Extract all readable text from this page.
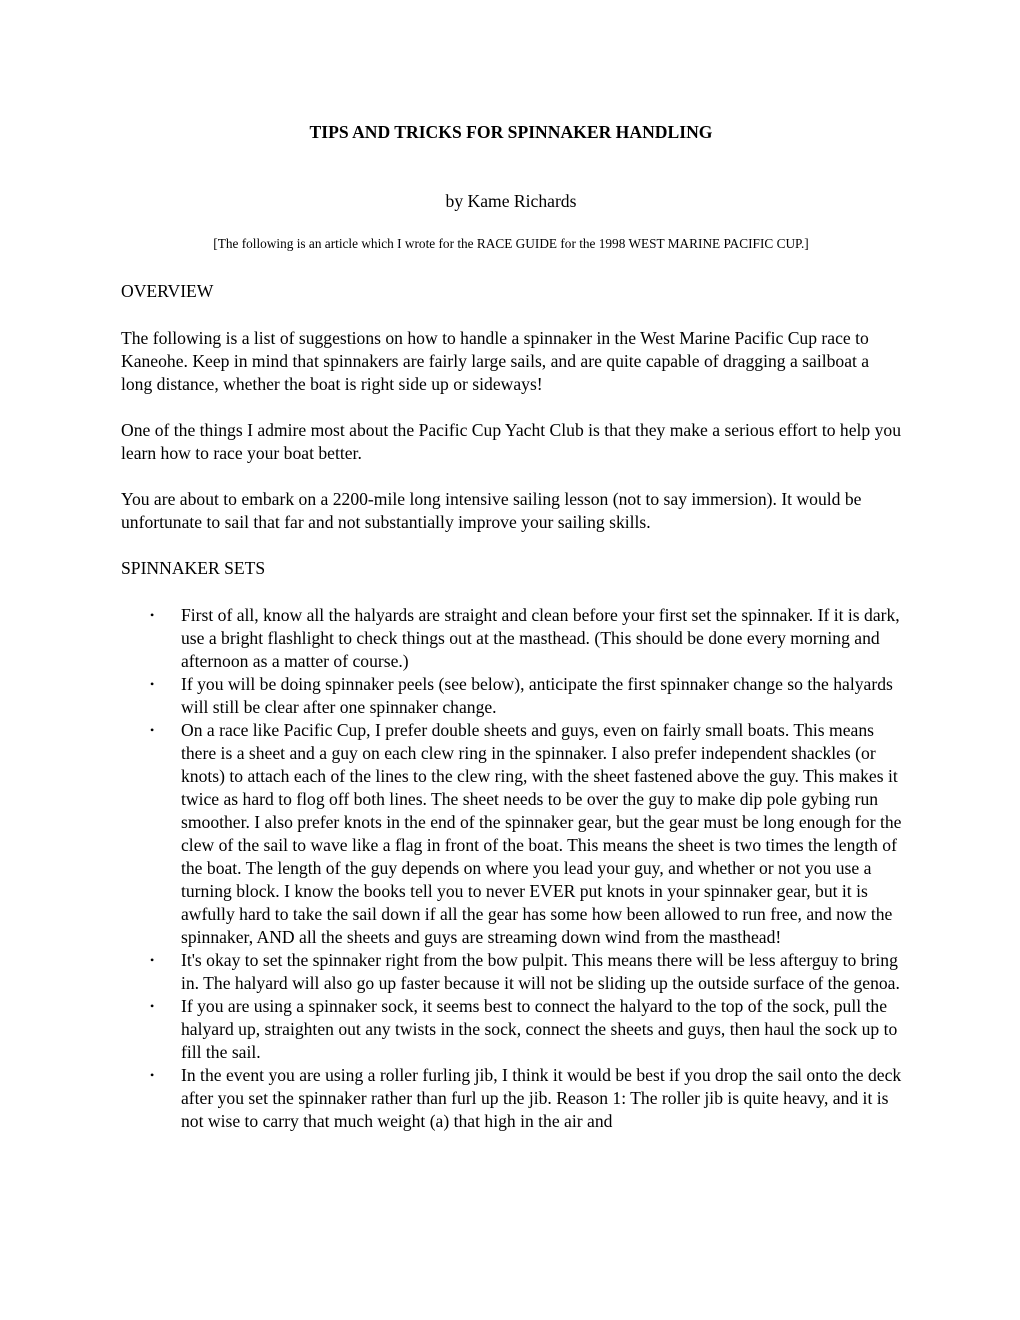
TIPS AND TRICKS FOR SPINNAKER HANDLING
by Kame Richards
[The following is an article which I wrote for the RACE GUIDE for the 1998 WEST MARINE PACIFIC CUP.]
OVERVIEW

The following is a list of suggestions on how to handle a spinnaker in the West Marine Pacific Cup race to Kaneohe. Keep in mind that spinnakers are fairly large sails, and are quite capable of dragging a sailboat a long distance, whether the boat is right side up or sideways!

One of the things I admire most about the Pacific Cup Yacht Club is that they make a serious effort to help you learn how to race your boat better.

You are about to embark on a 2200-mile long intensive sailing lesson (not to say immersion). It would be unfortunate to sail that far and not substantially improve your sailing skills.

SPINNAKER SETS
• First of all, know all the halyards are straight and clean before your first set the spinnaker. If it is dark, use a bright flashlight to check things out at the masthead. (This should be done every morning and afternoon as a matter of course.)
• If you will be doing spinnaker peels (see below), anticipate the first spinnaker change so the halyards will still be clear after one spinnaker change.
• On a race like Pacific Cup, I prefer double sheets and guys, even on fairly small boats. This means there is a sheet and a guy on each clew ring in the spinnaker. I also prefer independent shackles (or knots) to attach each of the lines to the clew ring, with the sheet fastened above the guy. This makes it twice as hard to flog off both lines. The sheet needs to be over the guy to make dip pole gybing run smoother. I also prefer knots in the end of the spinnaker gear, but the gear must be long enough for the clew of the sail to wave like a flag in front of the boat. This means the sheet is two times the length of the boat. The length of the guy depends on where you lead your guy, and whether or not you use a turning block. I know the books tell you to never EVER put knots in your spinnaker gear, but it is awfully hard to take the sail down if all the gear has some how been allowed to run free, and now the spinnaker, AND all the sheets and guys are streaming down wind from the masthead!
• It's okay to set the spinnaker right from the bow pulpit. This means there will be less afterguy to bring in. The halyard will also go up faster because it will not be sliding up the outside surface of the genoa.
• If you are using a spinnaker sock, it seems best to connect the halyard to the top of the sock, pull the halyard up, straighten out any twists in the sock, connect the sheets and guys, then haul the sock up to fill the sail.
• In the event you are using a roller furling jib, I think it would be best if you drop the sail onto the deck after you set the spinnaker rather than furl up the jib. Reason 1: The roller jib is quite heavy, and it is not wise to carry that much weight (a) that high in the air and
